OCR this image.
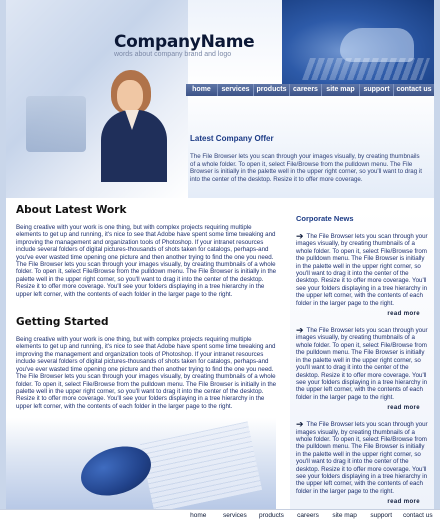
CompanyName
words about company brand and logo
home	services	products careers	site map	support contact us
Latest Company Offer
The File Browser lets you scan through your images visually, by creating thumbnails of a whole folder. To open it, select File/Browse from the pulldown menu. The File Browser is initially in the palette well in the upper right corner, so you'll want to drag it into the center of the desktop. Resize it to offer more coverage.
About Latest Work
Being creative with your work is one thing, but with complex projects requiring multiple elements to get up and running, it's nice to see that Adobe have spent some time tweaking and improving the management and organization tools of Photoshop. If your intranet resources include several folders of digital pictures-thousands of shots taken for catalogs, perhaps-and you've ever wasted time opening one picture and then another trying to find the one you need. The File Browser lets you scan through your images visually, by creating thumbnails of a whole folder. To open it, select File/Browse from the pulldown menu. The File Browser is initially in the palette well in the upper right corner, so you'll want to drag it into the center of the desktop. Resize it to offer more coverage. You'll see your folders displaying in a tree hierarchy in the upper left corner, with the contents of each folder in the larger page to the right.
Getting Started
Being creative with your work is one thing, but with complex projects requiring multiple elements to get up and running, it's nice to see that Adobe have spent some time tweaking and improving the management and organization tools of Photoshop. If your intranet resources include several folders of digital pictures-thousands of shots taken for catalogs, perhaps-and you've ever wasted time opening one picture and then another trying to find the one you need. The File Browser lets you scan through your images visually, by creating thumbnails of a whole folder. To open it, select File/Browse from the pulldown menu. The File Browser is initially in the palette well in the upper right corner, so you'll want to drag it into the center of the desktop. Resize it to offer more coverage. You'll see your folders displaying in a tree hierarchy in the upper left corner, with the contents of each folder in the larger page to the right.
Corporate News
➔ The File Browser lets you scan through your images visually, by creating thumbnails of a whole folder. To open it, select File/Browse from the pulldown menu. The File Browser is initially in the palette well in the upper right corner, so you'll want to drag it into the center of the desktop. Resize it to offer more coverage. You'll see your folders displaying in a tree hierarchy in the upper left corner, with the contents of each folder in the larger page to the right.
read more
➔ The File Browser lets you scan through your images visually, by creating thumbnails of a whole folder. To open it, select File/Browse from the pulldown menu. The File Browser is initially in the palette well in the upper right corner, so you'll want to drag it into the center of the desktop. Resize it to offer more coverage. You'll see your folders displaying in a tree hierarchy in the upper left corner, with the contents of each folder in the larger page to the right.
read more
➔ The File Browser lets you scan through your images visually, by creating thumbnails of a whole folder. To open it, select File/Browse from the pulldown menu. The File Browser is initially in the palette well in the upper right corner, so you'll want to drag it into the center of the desktop. Resize it to offer more coverage. You'll see your folders displaying in a tree hierarchy in the upper left corner, with the contents of each folder in the larger page to the right.
read more
home	services	products	careers	site map	support	contact us
